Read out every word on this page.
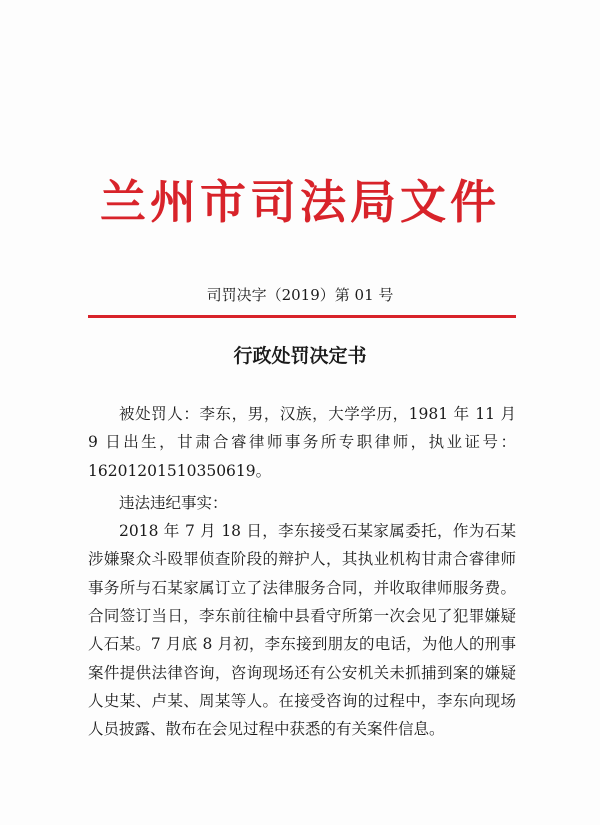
兰州市司法局文件
司罚决字（2019）第 01 号
行政处罚决定书

被处罚人：李东，男，汉族，大学学历，1981 年 11 月 9 日出生，甘肃合睿律师事务所专职律师，执业证号：16201201510350619。

违法违纪事实：

2018 年 7 月 18 日，李东接受石某家属委托，作为石某涉嫌聚众斗殴罪侦查阶段的辩护人，其执业机构甘肃合睿律师事务所与石某家属订立了法律服务合同，并收取律师服务费。合同签订当日，李东前往榆中县看守所第一次会见了犯罪嫌疑人石某。7 月底 8 月初，李东接到朋友的电话，为他人的刑事案件提供法律咨询，咨询现场还有公安机关未抓捕到案的嫌疑人史某、卢某、周某等人。在接受咨询的过程中，李东向现场人员披露、散布在会见过程中获悉的有关案件信息。
